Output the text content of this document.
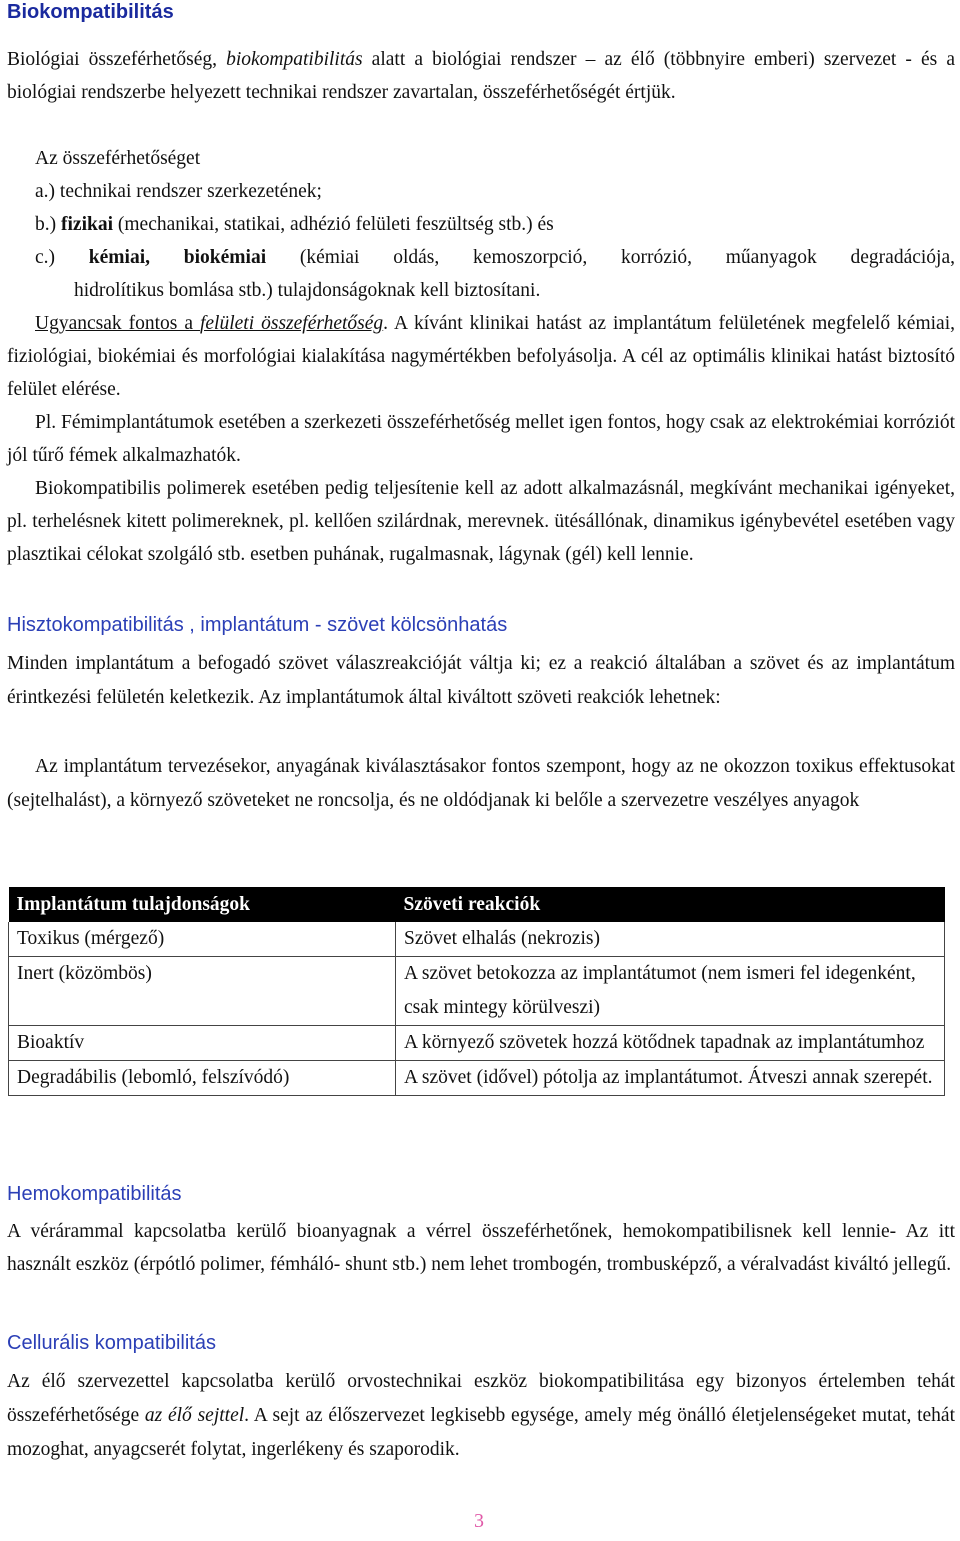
Biokompatibilitás

Biológiai összeférhetőség, biokompatibilitás alatt a biológiai rendszer – az élő (többnyire emberi) szervezet - és a biológiai rendszerbe helyezett technikai rendszer zavartalan, összeférhetőségét értjük.

Az összeférhetőséget

a.) technikai rendszer szerkezetének;

b.) fizikai (mechanikai, statikai, adhézió felületi feszültség stb.) és

c.) kémiai, biokémiai (kémiai oldás, kemoszorpció, korrózió, műanyagok degradációja,

hidrolítikus bomlása stb.) tulajdonságoknak kell biztosítani.

Ugyancsak fontos a felületi összeférhetőség. A kívánt klinikai hatást az implantátum felületének megfelelő kémiai, fiziológiai, biokémiai és morfológiai kialakítása nagymértékben befolyásolja. A cél az optimális klinikai hatást biztosító felület elérése.

Pl. Fémimplantátumok esetében a szerkezeti összeférhetőség mellet igen fontos, hogy csak az elektrokémiai korróziót jól tűrő fémek alkalmazhatók.

Biokompatibilis polimerek esetében pedig teljesítenie kell az adott alkalmazásnál, megkívánt mechanikai igényeket, pl. terhelésnek kitett polimereknek, pl. kellően szilárdnak, merevnek. ütésállónak, dinamikus igénybevétel esetében vagy plasztikai célokat szolgáló stb. esetben puhának, rugalmasnak, lágynak (gél) kell lennie.

Hisztokompatibilitás , implantátum - szövet kölcsönhatás

Minden implantátum a befogadó szövet válaszreakcióját váltja ki; ez a reakció általában a szövet és az implantátum érintkezési felületén keletkezik. Az implantátumok által kiváltott szöveti reakciók lehetnek:

Az implantátum tervezésekor, anyagának kiválasztásakor fontos szempont, hogy az ne okozzon toxikus effektusokat (sejtelhalást), a környező szöveteket ne roncsolja, és ne oldódjanak ki belőle a szervezetre veszélyes anyagok

Implantátum tulajdonságok	Szöveti reakciók
Toxikus (mérgező)	Szövet elhalás (nekrozis)
Inert (közömbös)	A szövet betokozza az implantátumot (nem ismeri fel idegenként, csak mintegy körülveszi)
Bioaktív	A környező szövetek hozzá kötődnek tapadnak az implantátumhoz
Degradábilis (lebomló, felszívódó)	A szövet (idővel) pótolja az implantátumot. Átveszi annak szerepét.
Hemokompatibilitás

A vérárammal kapcsolatba kerülő bioanyagnak a vérrel összeférhetőnek, hemokompatibilisnek kell lennie- Az itt használt eszköz (érpótló polimer, fémháló- shunt stb.) nem lehet trombogén, trombusképző, a véralvadást kiváltó jellegű.

Cellurális kompatibilitás

Az élő szervezettel kapcsolatba kerülő orvostechnikai eszköz biokompatibilitása egy bizonyos értelemben tehát összeférhetősége az élő sejttel. A sejt az élőszervezet legkisebb egysége, amely még önálló életjelenségeket mutat, tehát mozoghat, anyagcserét folytat, ingerlékeny és szaporodik.

3
